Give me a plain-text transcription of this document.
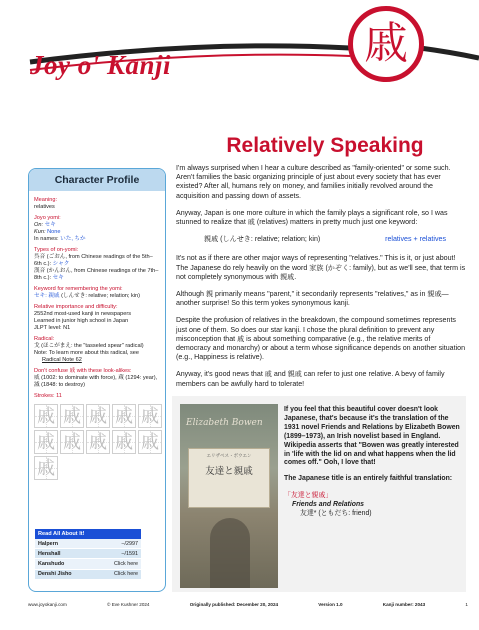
Joy o' Kanji	戚
Relatively Speaking
Character Profile
Meaning:
relatives
Joyo yomi:
On: セキ
Kun: None
In names: いた, ちか
Types of on-yomi:
呉音 (ごおん, from Chinese readings of the 5th–6th c.): シャク
漢音 (かんおん, from Chinese readings of the 7th–8th c.): セキ
Keyword for remembering the yomi:
セキ: 親戚 (しんせき: relative; relation; kin)
Relative importance and difficulty:
2552nd most-used kanji in newspapers
Learned in junior high school in Japan
JLPT level: N1
Radical:
戈 (ほこがまえ: the "tasseled spear" radical)
Note: To learn more about this radical, see
Radical Note 62
Don't confuse 戚 with these look-alikes:
威 (1002: to dominate with force), 蔵 (1294: year), 滅 (1848: to destroy)
Strokes: 11
戚 戚 戚 戚 戚
戚 戚 戚 戚 戚
戚
Read All About It!
Halpern	–/2997
Henshall	–/1591
Kanshudo	Click here
Denshi Jisho	Click here

I'm always surprised when I hear a culture described as "family-oriented" or some such. Aren't families the basic organizing principle of just about every society that has ever existed? After all, humans rely on money, and families initially revolved around the acquisition and passing down of assets.

Anyway, Japan is one more culture in which the family plays a significant role, so I was stunned to realize that 戚 (relatives) matters in pretty much just one keyword:

親戚 (しんせき: relative; relation; kin)	relatives + relatives

It's not as if there are other major ways of representing "relatives." This is it, or just about! The Japanese do rely heavily on the word 家族 (かぞく: family), but as we'll see, that term is not completely synonymous with 親戚.

Although 親 primarily means "parent," it secondarily represents "relatives," as in 親戚—another surprise! So this term yokes synonymous kanji.

Despite the profusion of relatives in the breakdown, the compound sometimes represents just one of them. So does our star kanji. I chose the plural definition to prevent any misconception that 戚 is about something comparative (e.g., the relative merits of democracy and monarchy) or about a term whose significance depends on another situation (e.g., Happiness is relative).

Anyway, it's good news that 戚 and 親戚 can refer to just one relative. A bevy of family members can be awfully hard to tolerate!

Elizabeth Bowen
エリザベス・ボウエン
友達と親戚

If you feel that this beautiful cover doesn't look Japanese, that's because it's the translation of the 1931 novel Friends and Relations by Elizabeth Bowen (1899–1973), an Irish novelist based in England. Wikipedia asserts that "Bowen was greatly interested in 'life with the lid on and what happens when the lid comes off." Ooh, I love that!

The Japanese title is an entirely faithful translation:

「友達と親戚」
Friends and Relations
友達* (ともだち: friend)
www.joyokanji.com	© Eve Kushner 2024	Originally published: December 20, 2024	Version 1.0	Kanji number: 2043	1
